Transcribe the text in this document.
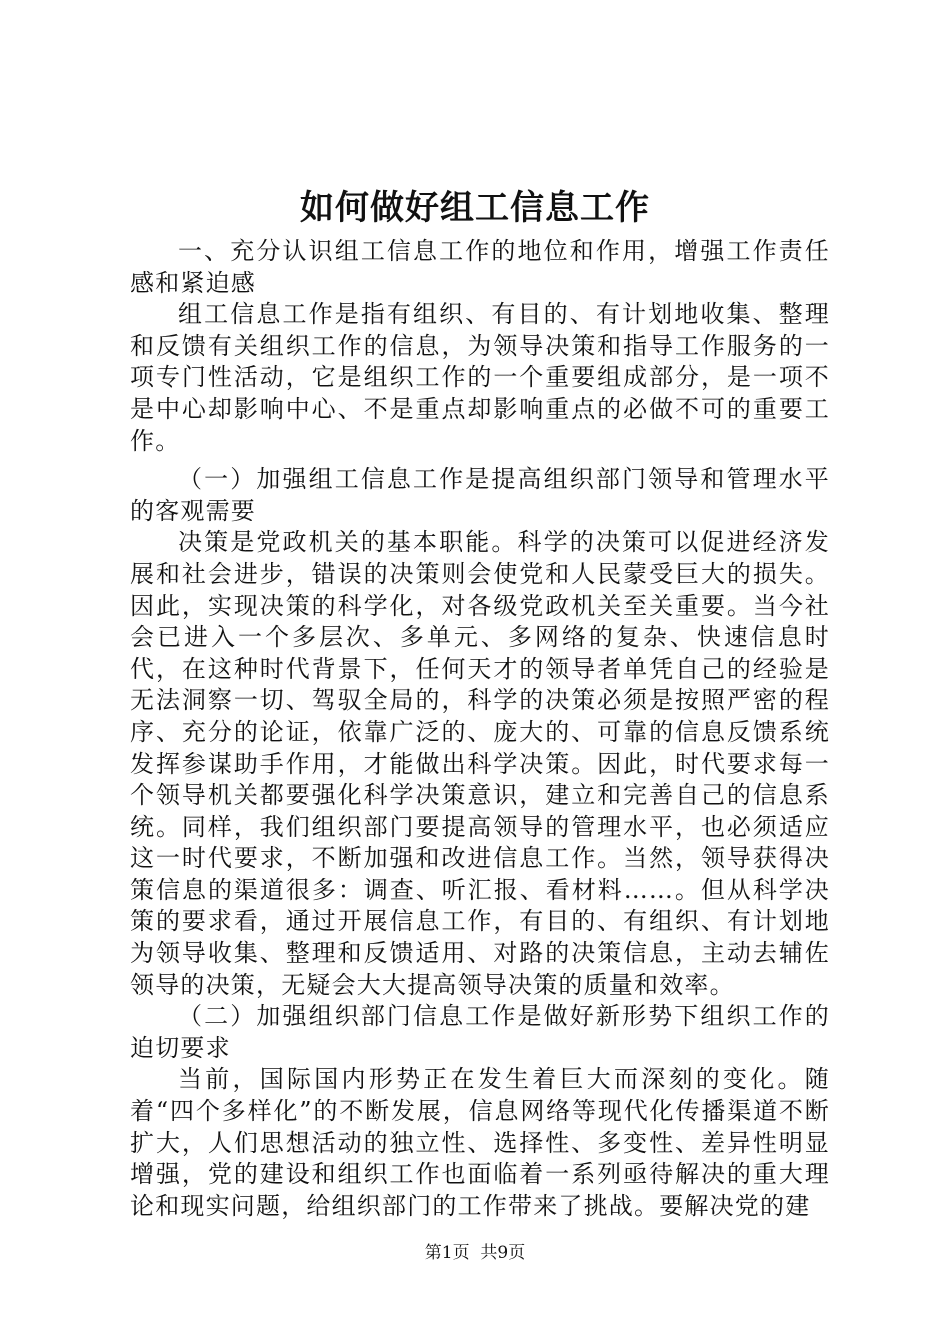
如何做好组工信息工作

一、充分认识组工信息工作的地位和作用，增强工作责任感和紧迫感

组工信息工作是指有组织、有目的、有计划地收集、整理和反馈有关组织工作的信息，为领导决策和指导工作服务的一项专门性活动，它是组织工作的一个重要组成部分，是一项不是中心却影响中心、不是重点却影响重点的必做不可的重要工作。

（一）加强组工信息工作是提高组织部门领导和管理水平的客观需要

决策是党政机关的基本职能。科学的决策可以促进经济发展和社会进步，错误的决策则会使党和人民蒙受巨大的损失。因此，实现决策的科学化，对各级党政机关至关重要。当今社会已进入一个多层次、多单元、多网络的复杂、快速信息时代，在这种时代背景下，任何天才的领导者单凭自己的经验是无法洞察一切、驾驭全局的，科学的决策必须是按照严密的程序、充分的论证，依靠广泛的、庞大的、可靠的信息反馈系统发挥参谋助手作用，才能做出科学决策。因此，时代要求每一个领导机关都要强化科学决策意识，建立和完善自己的信息系统。同样，我们组织部门要提高领导的管理水平，也必须适应这一时代要求，不断加强和改进信息工作。当然，领导获得决策信息的渠道很多：调查、听汇报、看材料……。但从科学决策的要求看，通过开展信息工作，有目的、有组织、有计划地为领导收集、整理和反馈适用、对路的决策信息，主动去辅佐领导的决策，无疑会大大提高领导决策的质量和效率。

（二）加强组织部门信息工作是做好新形势下组织工作的迫切要求

当前，国际国内形势正在发生着巨大而深刻的变化。随着“四个多样化”的不断发展，信息网络等现代化传播渠道不断扩大，人们思想活动的独立性、选择性、多变性、差异性明显增强，党的建设和组织工作也面临着一系列亟待解决的重大理论和现实问题，给组织部门的工作带来了挑战。要解决党的建

第1页 共9页
